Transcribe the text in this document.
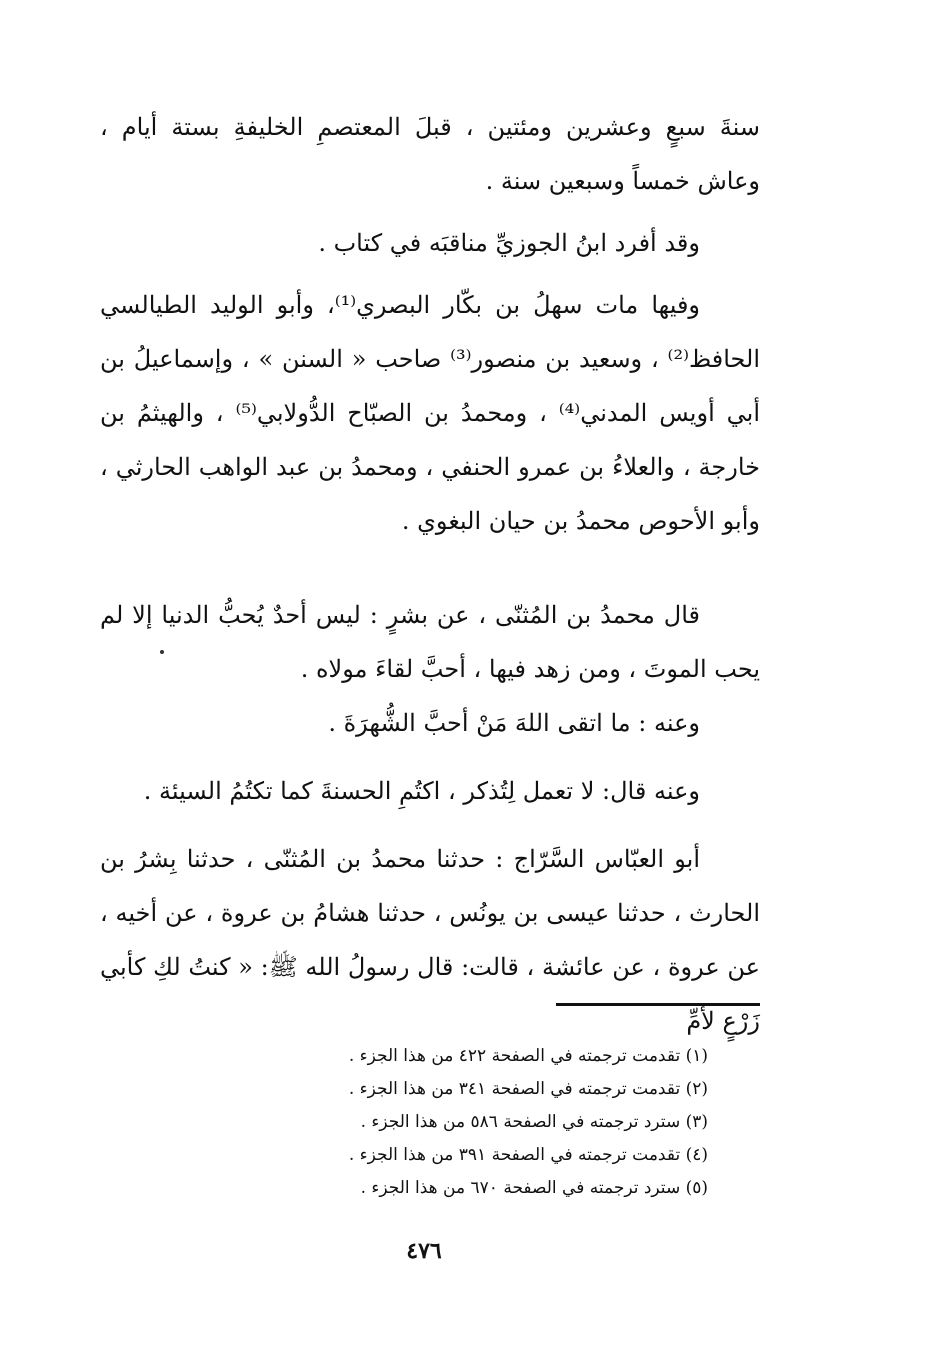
سنةَ سبعٍ وعشرين ومئتين ، قبلَ المعتصمِ الخليفةِ بستة أيام ، وعاش خمساً وسبعين سنة .

وقد أفرد ابنُ الجوزيِّ مناقبَه في كتاب .

وفيها مات سهلُ بن بكّار البصري⁽¹⁾، وأبو الوليد الطيالسي الحافظ⁽²⁾ ، وسعيد بن منصور⁽³⁾ صاحب « السنن » ، وإسماعيلُ بن أبي أويس المدني⁽⁴⁾ ، ومحمدُ بن الصبّاح الدُّولابي⁽⁵⁾ ، والهيثمُ بن خارجة ، والعلاءُ بن عمرو الحنفي ، ومحمدُ بن عبد الواهب الحارثي ، وأبو الأحوص محمدُ بن حيان البغوي .

قال محمدُ بن المُثنّى ، عن بشرٍ : ليس أحدٌ يُحبُّ الدنيا إلا لم يحب الموتَ ، ومن زهد فيها ، أحبَّ لقاءَ مولاه .

وعنه : ما اتقى اللهَ مَنْ أحبَّ الشُّهرَةَ .

وعنه قال: لا تعمل لِتُذكر ، اكتُمِ الحسنةَ كما تكتُمُ السيئة .

أبو العبّاس السَّرّاج : حدثنا محمدُ بن المُثنّى ، حدثنا بِشرُ بن الحارث ، حدثنا عيسى بن يونُس ، حدثنا هشامُ بن عروة ، عن أخيه ، عن عروة ، عن عائشة ، قالت: قال رسولُ الله ﷺ: « كنتُ لكِ كأبي زَرْعٍ لأمِّ

(١) تقدمت ترجمته في الصفحة ٤٢٢ من هذا الجزء .

(٢) تقدمت ترجمته في الصفحة ٣٤١ من هذا الجزء .

(٣) سترد ترجمته في الصفحة ٥٨٦ من هذا الجزء .

(٤) تقدمت ترجمته في الصفحة ٣٩١ من هذا الجزء .

(٥) سترد ترجمته في الصفحة ٦٧٠ من هذا الجزء .

٤٧٦
